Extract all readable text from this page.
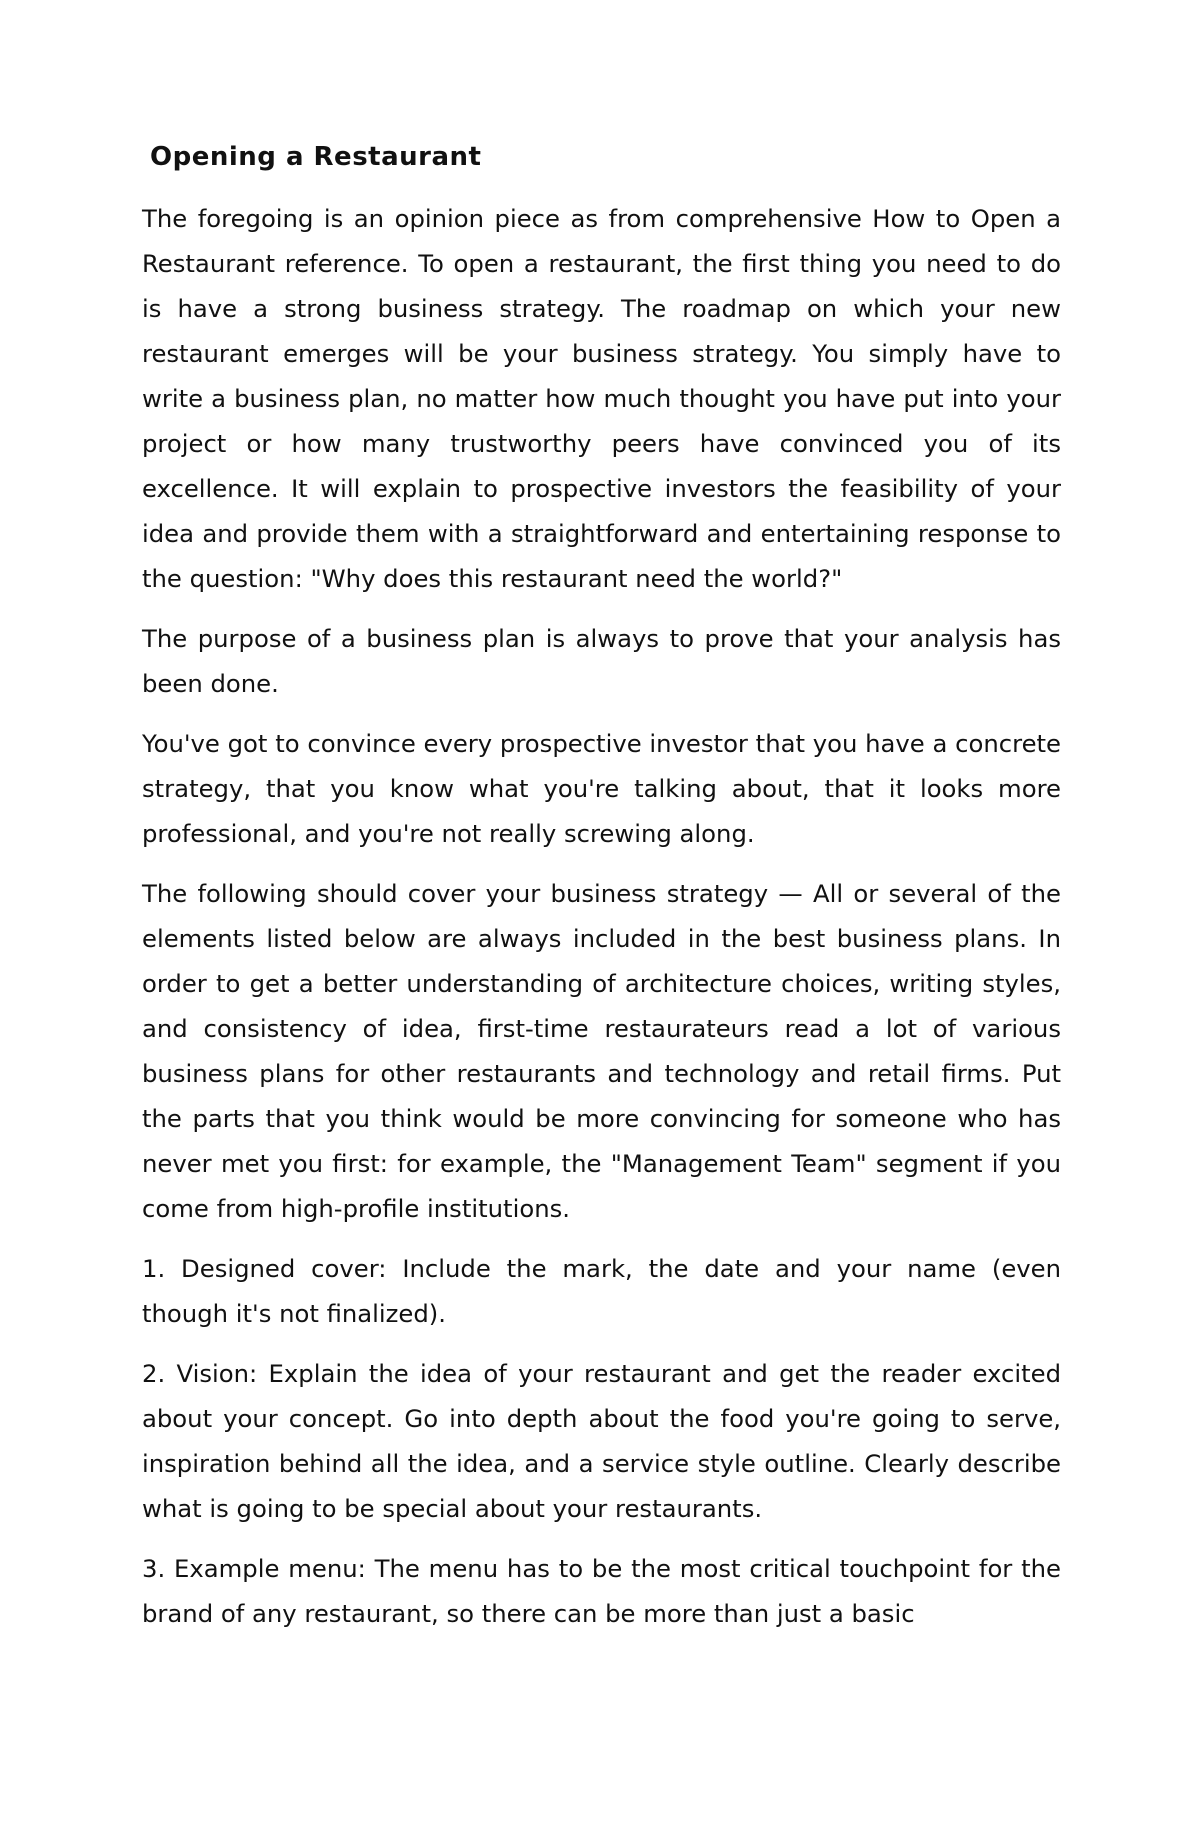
Opening a Restaurant

The foregoing is an opinion piece as from comprehensive How to Open a Restaurant reference. To open a restaurant, the first thing you need to do is have a strong business strategy. The roadmap on which your new restaurant emerges will be your business strategy. You simply have to write a business plan, no matter how much thought you have put into your project or how many trustworthy peers have convinced you of its excellence. It will explain to prospective investors the feasibility of your idea and provide them with a straightforward and entertaining response to the question: "Why does this restaurant need the world?"

The purpose of a business plan is always to prove that your analysis has been done.

You've got to convince every prospective investor that you have a concrete strategy, that you know what you're talking about, that it looks more professional, and you're not really screwing along.

The following should cover your business strategy — All or several of the elements listed below are always included in the best business plans. In order to get a better understanding of architecture choices, writing styles, and consistency of idea, first-time restaurateurs read a lot of various business plans for other restaurants and technology and retail firms. Put the parts that you think would be more convincing for someone who has never met you first: for example, the "Management Team" segment if you come from high-profile institutions.

1. Designed cover: Include the mark, the date and your name (even though it's not finalized).

2. Vision: Explain the idea of your restaurant and get the reader excited about your concept. Go into depth about the food you're going to serve, inspiration behind all the idea, and a service style outline. Clearly describe what is going to be special about your restaurants.

3. Example menu: The menu has to be the most critical touchpoint for the brand of any restaurant, so there can be more than just a basic
